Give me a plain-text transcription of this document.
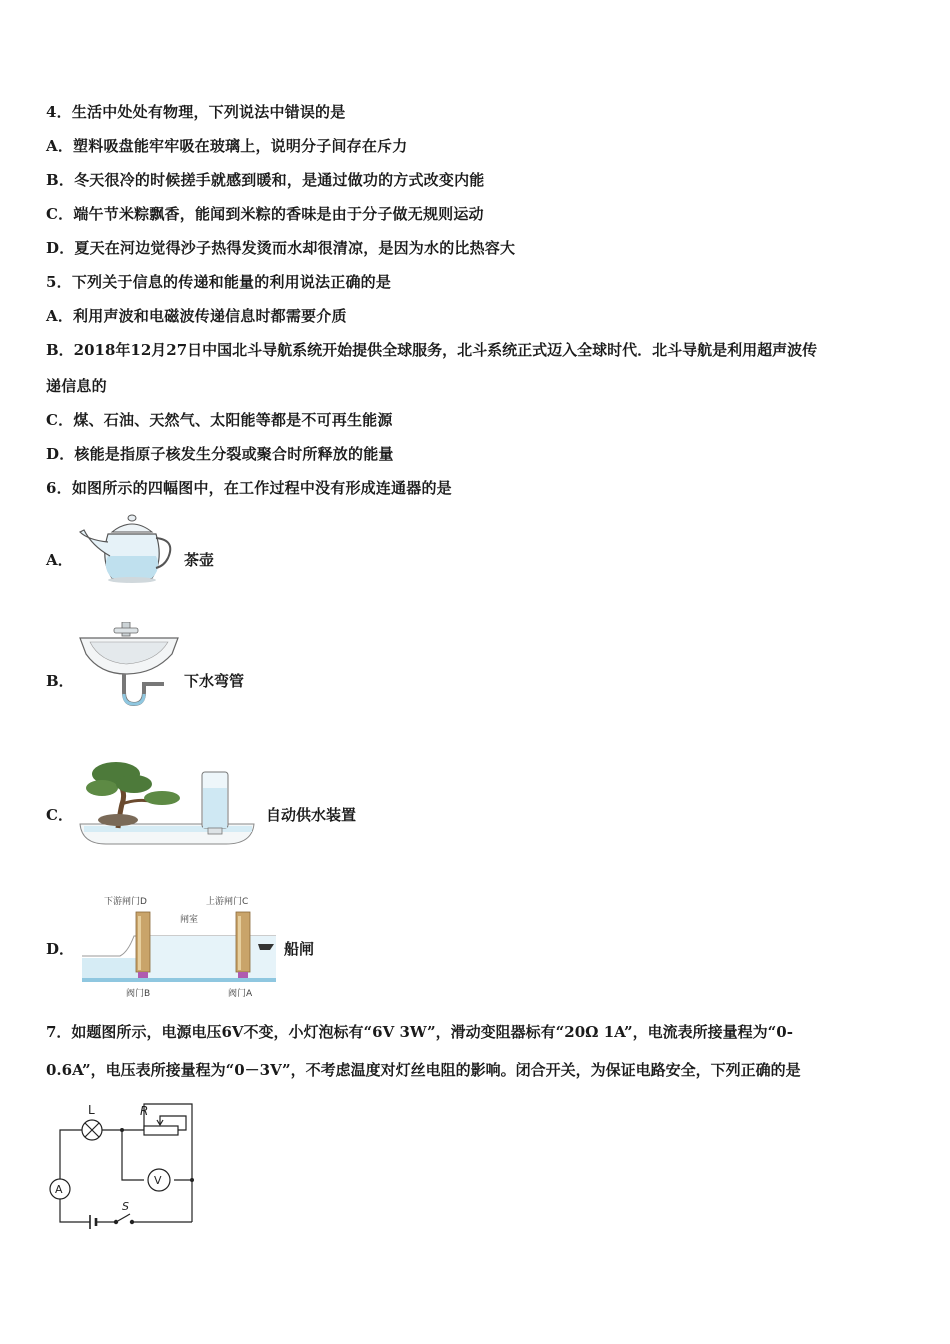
4．生活中处处有物理，下列说法中错误的是
A．塑料吸盘能牢牢吸在玻璃上，说明分子间存在斥力
B．冬天很冷的时候搓手就感到暖和，是通过做功的方式改变内能
C．端午节米粽飘香，能闻到米粽的香味是由于分子做无规则运动
D．夏天在河边觉得沙子热得发烫而水却很清凉，是因为水的比热容大
5．下列关于信息的传递和能量的利用说法正确的是
A．利用声波和电磁波传递信息时都需要介质
B．2018年12月27日中国北斗导航系统开始提供全球服务，北斗系统正式迈入全球时代．北斗导航是利用超声波传
递信息的
C．煤、石油、天然气、太阳能等都是不可再生能源
D．核能是指原子核发生分裂或聚合时所释放的能量
6．如图所示的四幅图中，在工作过程中没有形成连通器的是
A．	茶壶
B．	下水弯管
C．	自动供水装置
D．
下游闸门D	上游闸门C
闸室
阀门B	阀门A
船闸
7．如题图所示，电源电压6V不变，小灯泡标有“6V 3W”，滑动变阻器标有“20Ω 1A”，电流表所接量程为“0-
0.6A”，电压表所接量程为“0－3V”，不考虑温度对灯丝电阻的影响。闭合开关，为保证电路安全，下列正确的是
L	R
A
V
S
